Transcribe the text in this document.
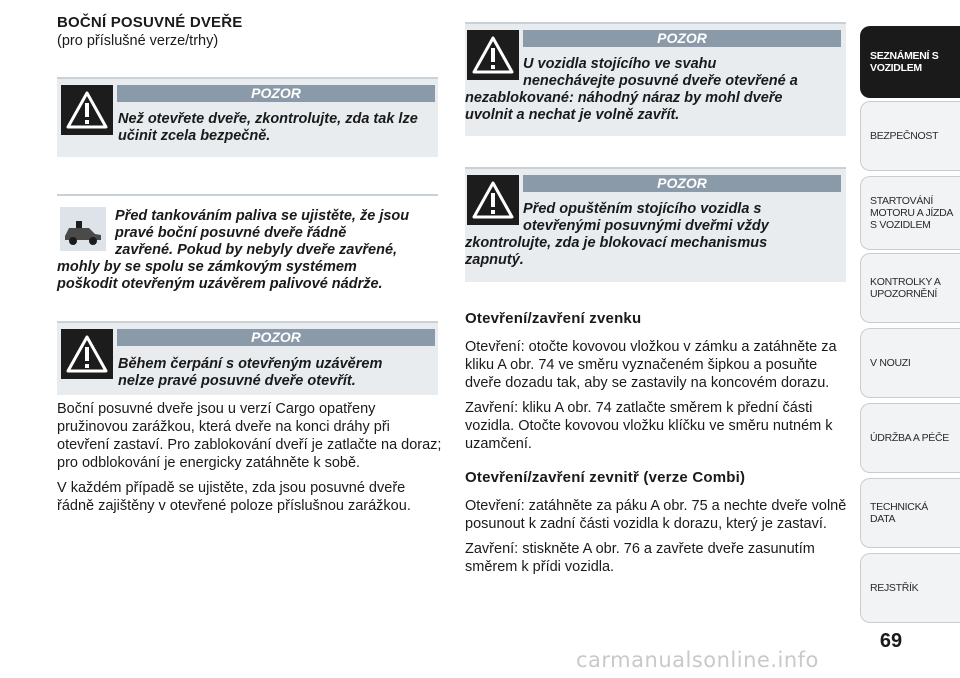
BOČNÍ POSUVNÉ DVEŘE
(pro příslušné verze/trhy)
POZOR
Než otevřete dveře, zkontrolujte, zda tak lze učinit zcela bezpečně.
Před tankováním paliva se ujistěte, že jsou
pravé boční posuvné dveře řádně
zavřené. Pokud by nebyly dveře zavřené,
mohly by se spolu se zámkovým systémem
poškodit otevřeným uzávěrem palivové nádrže.
POZOR
Během čerpání s otevřeným uzávěrem
nelze pravé posuvné dveře otevřít.

Boční posuvné dveře jsou u verzí Cargo opatřeny pružinovou zarážkou, která dveře na konci dráhy při otevření zastaví. Pro zablokování dveří je zatlačte na doraz; pro odblokování je energicky zatáhněte k sobě.

V každém případě se ujistěte, zda jsou posuvné dveře řádně zajištěny v otevřené poloze příslušnou zarážkou.

POZOR
U vozidla stojícího ve svahu
nenechávejte posuvné dveře otevřené a
nezablokované: náhodný náraz by mohl dveře
uvolnit a nechat je volně zavřít.
POZOR
Před opuštěním stojícího vozidla s
otevřenými posuvnými dveřmi vždy
zkontrolujte, zda je blokovací mechanismus
zapnutý.
Otevření/zavření zvenku

Otevření: otočte kovovou vložkou v zámku a zatáhněte za kliku A obr. 74 ve směru vyznačeném šipkou a posuňte dveře dozadu tak, aby se zastavily na koncovém dorazu.

Zavření: kliku A obr. 74 zatlačte směrem k přední části vozidla. Otočte kovovou vložku klíčku ve směru nutném k uzamčení.

Otevření/zavření zevnitř (verze Combi)

Otevření: zatáhněte za páku A obr. 75 a nechte dveře volně posunout k zadní části vozidla k dorazu, který je zastaví.

Zavření: stiskněte A obr. 76 a zavřete dveře zasunutím směrem k přídi vozidla.

SEZNÁMENÍ S VOZIDLEM
BEZPEČNOST
STARTOVÁNÍ MOTORU A JÍZDA S VOZIDLEM
KONTROLKY A UPOZORNĚNÍ
V NOUZI
ÚDRŽBA A PÉČE
TECHNICKÁ DATA
REJSTŘÍK
69
carmanualsonline.info
